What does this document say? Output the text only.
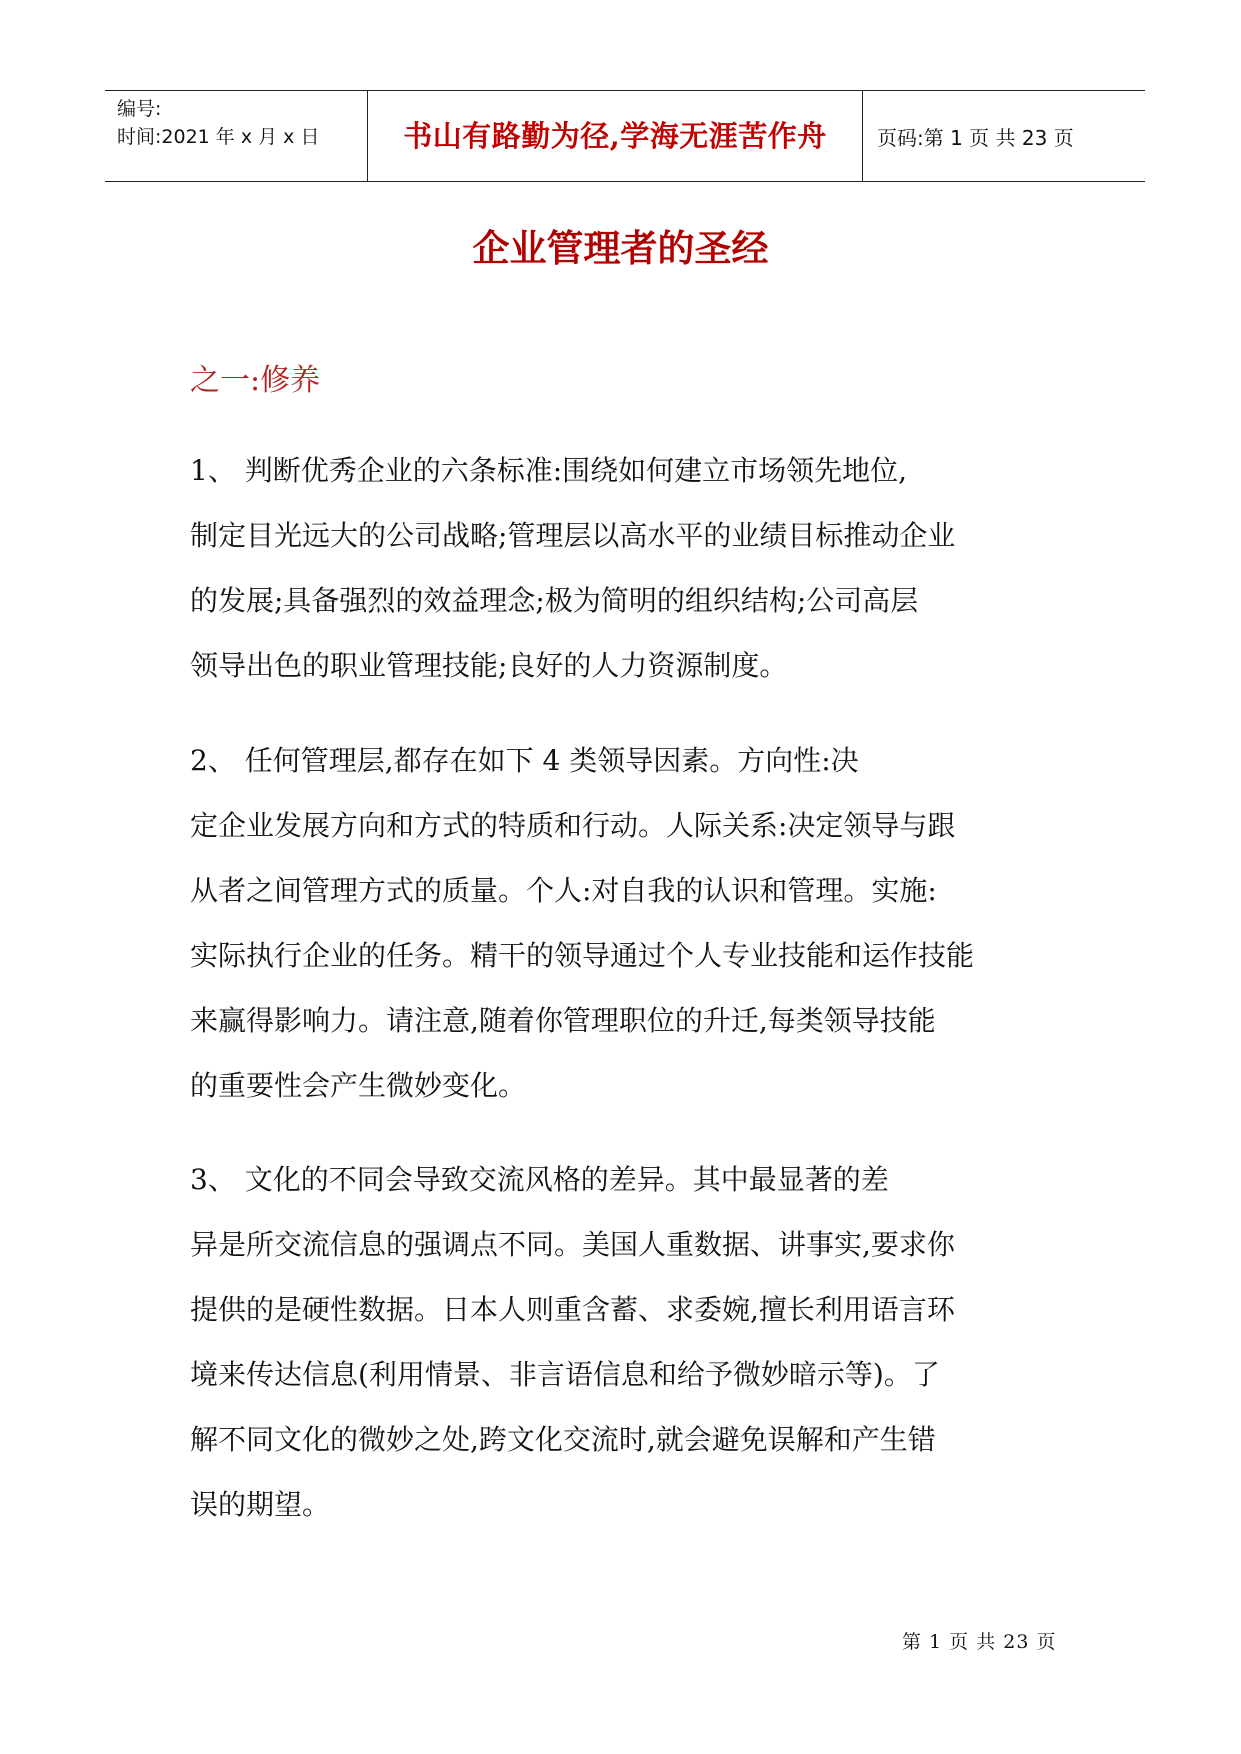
编号:
时间:2021 年 x 月 x 日	书山有路勤为径,学海无涯苦作舟	页码:第 1 页 共 23 页
企业管理者的圣经
之一:修养
1、 判断优秀企业的六条标准:围绕如何建立市场领先地位,
制定目光远大的公司战略;管理层以高水平的业绩目标推动企业
的发展;具备强烈的效益理念;极为简明的组织结构;公司高层
领导出色的职业管理技能;良好的人力资源制度。
2、 任何管理层,都存在如下 4 类领导因素。方向性:决
定企业发展方向和方式的特质和行动。人际关系:决定领导与跟
从者之间管理方式的质量。个人:对自我的认识和管理。实施:
实际执行企业的任务。精干的领导通过个人专业技能和运作技能
来赢得影响力。请注意,随着你管理职位的升迁,每类领导技能
的重要性会产生微妙变化。
3、 文化的不同会导致交流风格的差异。其中最显著的差
异是所交流信息的强调点不同。美国人重数据、讲事实,要求你
提供的是硬性数据。日本人则重含蓄、求委婉,擅长利用语言环
境来传达信息(利用情景、非言语信息和给予微妙暗示等)。了
解不同文化的微妙之处,跨文化交流时,就会避免误解和产生错
误的期望。
第 1 页 共 23 页
